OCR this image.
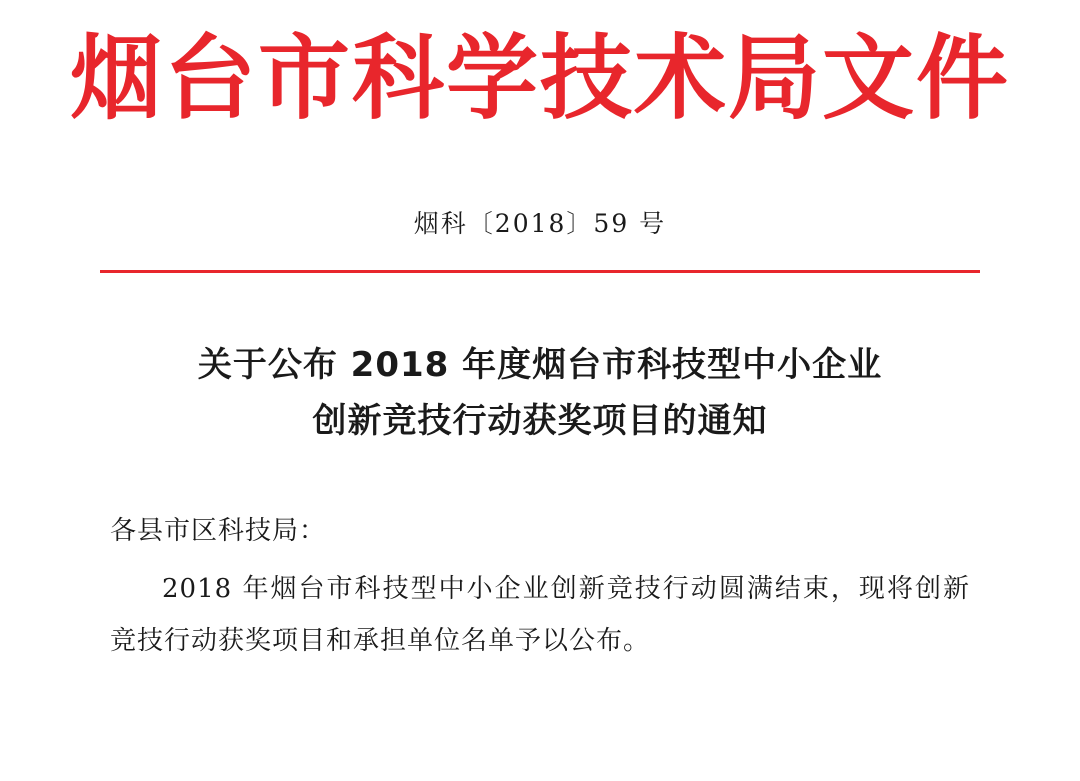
烟台市科学技术局文件
烟科〔2018〕59 号
关于公布 2018 年度烟台市科技型中小企业
创新竞技行动获奖项目的通知

各县市区科技局：

2018 年烟台市科技型中小企业创新竞技行动圆满结束，现将创新竞技行动获奖项目和承担单位名单予以公布。
